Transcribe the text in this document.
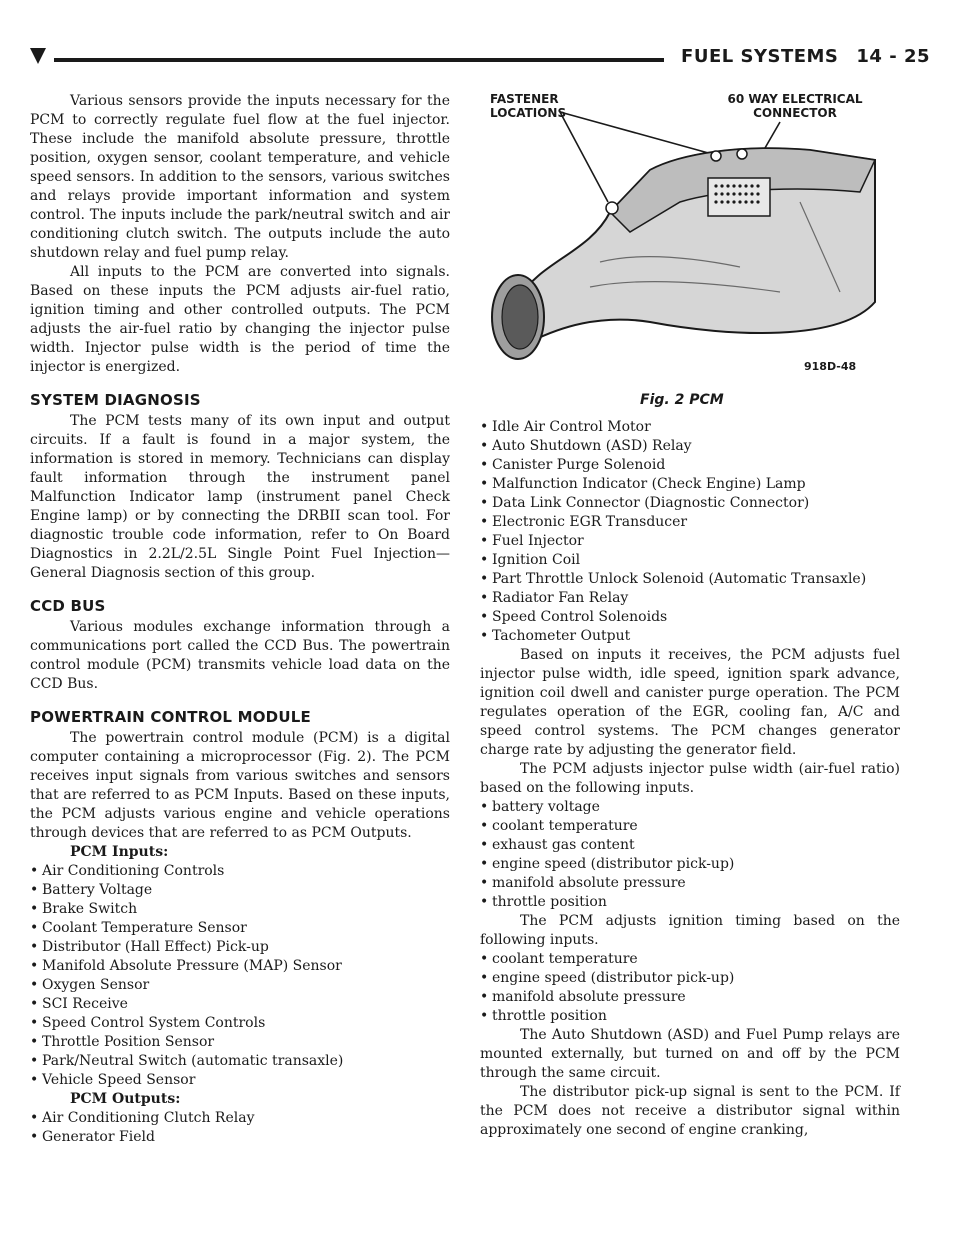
FUEL SYSTEMS 14 - 25

Various sensors provide the inputs necessary for the PCM to correctly regulate fuel flow at the fuel injector. These include the manifold absolute pressure, throttle position, oxygen sensor, coolant temperature, and vehicle speed sensors. In addition to the sensors, various switches and relays provide important information and system control. The inputs include the park/neutral switch and air conditioning clutch switch. The outputs include the auto shutdown relay and fuel pump relay.

All inputs to the PCM are converted into signals. Based on these inputs the PCM adjusts air-fuel ratio, ignition timing and other controlled outputs. The PCM adjusts the air-fuel ratio by changing the injector pulse width. Injector pulse width is the period of time the injector is energized.

SYSTEM DIAGNOSIS

The PCM tests many of its own input and output circuits. If a fault is found in a major system, the information is stored in memory. Technicians can display fault information through the instrument panel Malfunction Indicator lamp (instrument panel Check Engine lamp) or by connecting the DRBII scan tool. For diagnostic trouble code information, refer to On Board Diagnostics in 2.2L/2.5L Single Point Fuel Injection—General Diagnosis section of this group.

CCD BUS

Various modules exchange information through a communications port called the CCD Bus. The powertrain control module (PCM) transmits vehicle load data on the CCD Bus.

POWERTRAIN CONTROL MODULE

The powertrain control module (PCM) is a digital computer containing a microprocessor (Fig. 2). The PCM receives input signals from various switches and sensors that are referred to as PCM Inputs. Based on these inputs, the PCM adjusts various engine and vehicle operations through devices that are referred to as PCM Outputs.

PCM Inputs:
• Air Conditioning Controls
• Battery Voltage
• Brake Switch
• Coolant Temperature Sensor
• Distributor (Hall Effect) Pick-up
• Manifold Absolute Pressure (MAP) Sensor
• Oxygen Sensor
• SCI Receive
• Speed Control System Controls
• Throttle Position Sensor
• Park/Neutral Switch (automatic transaxle)
• Vehicle Speed Sensor
PCM Outputs:
• Air Conditioning Clutch Relay
• Generator Field
FASTENER LOCATIONS
60 WAY ELECTRICAL CONNECTOR
918D-48
Fig. 2 PCM
• Idle Air Control Motor
• Auto Shutdown (ASD) Relay
• Canister Purge Solenoid
• Malfunction Indicator (Check Engine) Lamp
• Data Link Connector (Diagnostic Connector)
• Electronic EGR Transducer
• Fuel Injector
• Ignition Coil
• Part Throttle Unlock Solenoid (Automatic Transaxle)
• Radiator Fan Relay
• Speed Control Solenoids
• Tachometer Output

Based on inputs it receives, the PCM adjusts fuel injector pulse width, idle speed, ignition spark advance, ignition coil dwell and canister purge operation. The PCM regulates operation of the EGR, cooling fan, A/C and speed control systems. The PCM changes generator charge rate by adjusting the generator field.

The PCM adjusts injector pulse width (air-fuel ratio) based on the following inputs.

• battery voltage
• coolant temperature
• exhaust gas content
• engine speed (distributor pick-up)
• manifold absolute pressure
• throttle position

The PCM adjusts ignition timing based on the following inputs.

• coolant temperature
• engine speed (distributor pick-up)
• manifold absolute pressure
• throttle position

The Auto Shutdown (ASD) and Fuel Pump relays are mounted externally, but turned on and off by the PCM through the same circuit.

The distributor pick-up signal is sent to the PCM. If the PCM does not receive a distributor signal within approximately one second of engine cranking,
